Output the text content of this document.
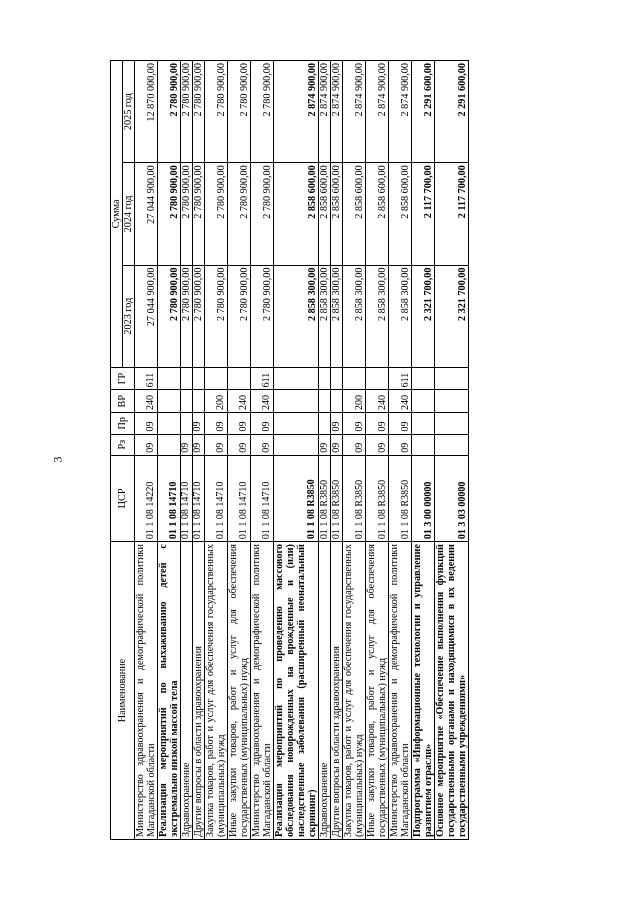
3
Наименование	ЦСР	Рз	Пр	ВР	ГР	Сумма		
						2023 год	2024 год	2025 год
Министерство здравоохранения и демографической политики Магаданской области	01 1 08 14220	09	09	240	611	27 044 900,00	27 044 900,00	12 870 000,00
Реализация мероприятий по выхаживанию детей с экстремально низкой массой тела	01 1 08 14710					2 780 900,00	2 780 900,00	2 780 900,00
Здравоохранение	01 1 08 14710	09				2 780 900,00	2 780 900,00	2 780 900,00
Другие вопросы в области здравоохранения	01 1 08 14710	09	09			2 780 900,00	2 780 900,00	2 780 900,00
Закупка товаров, работ и услуг для обеспечения государственных (муниципальных) нужд	01 1 08 14710	09	09	200		2 780 900,00	2 780 900,00	2 780 900,00
Иные закупки товаров, работ и услуг для обеспечения государственных (муниципальных) нужд	01 1 08 14710	09	09	240		2 780 900,00	2 780 900,00	2 780 900,00
Министерство здравоохранения и демографической политики Магаданской области	01 1 08 14710	09	09	240	611	2 780 900,00	2 780 900,00	2 780 900,00
Реализация мероприятий по проведению массового обследования новорожденных на врожденные и (или) наследственные заболевания (расширенный неонатальный скрининг)	01 1 08 R3850					2 858 300,00	2 858 600,00	2 874 900,00
Здравоохранение	01 1 08 R3850	09				2 858 300,00	2 858 600,00	2 874 900,00
Другие вопросы в области здравоохранения	01 1 08 R3850	09	09			2 858 300,00	2 858 600,00	2 874 900,00
Закупка товаров, работ и услуг для обеспечения государственных (муниципальных) нужд	01 1 08 R3850	09	09	200		2 858 300,00	2 858 600,00	2 874 900,00
Иные закупки товаров, работ и услуг для обеспечения государственных (муниципальных) нужд	01 1 08 R3850	09	09	240		2 858 300,00	2 858 600,00	2 874 900,00
Министерство здравоохранения и демографической политики Магаданской области	01 1 08 R3850	09	09	240	611	2 858 300,00	2 858 600,00	2 874 900,00
Подпрограмма «Информационные технологии и управление развитием отрасли»	01 3 00 00000					2 321 700,00	2 117 700,00	2 291 600,00
Основное мероприятие «Обеспечение выполнения функций государственными органами и находящимися в их ведении государственными учреждениями»	01 3 03 00000					2 321 700,00	2 117 700,00	2 291 600,00
